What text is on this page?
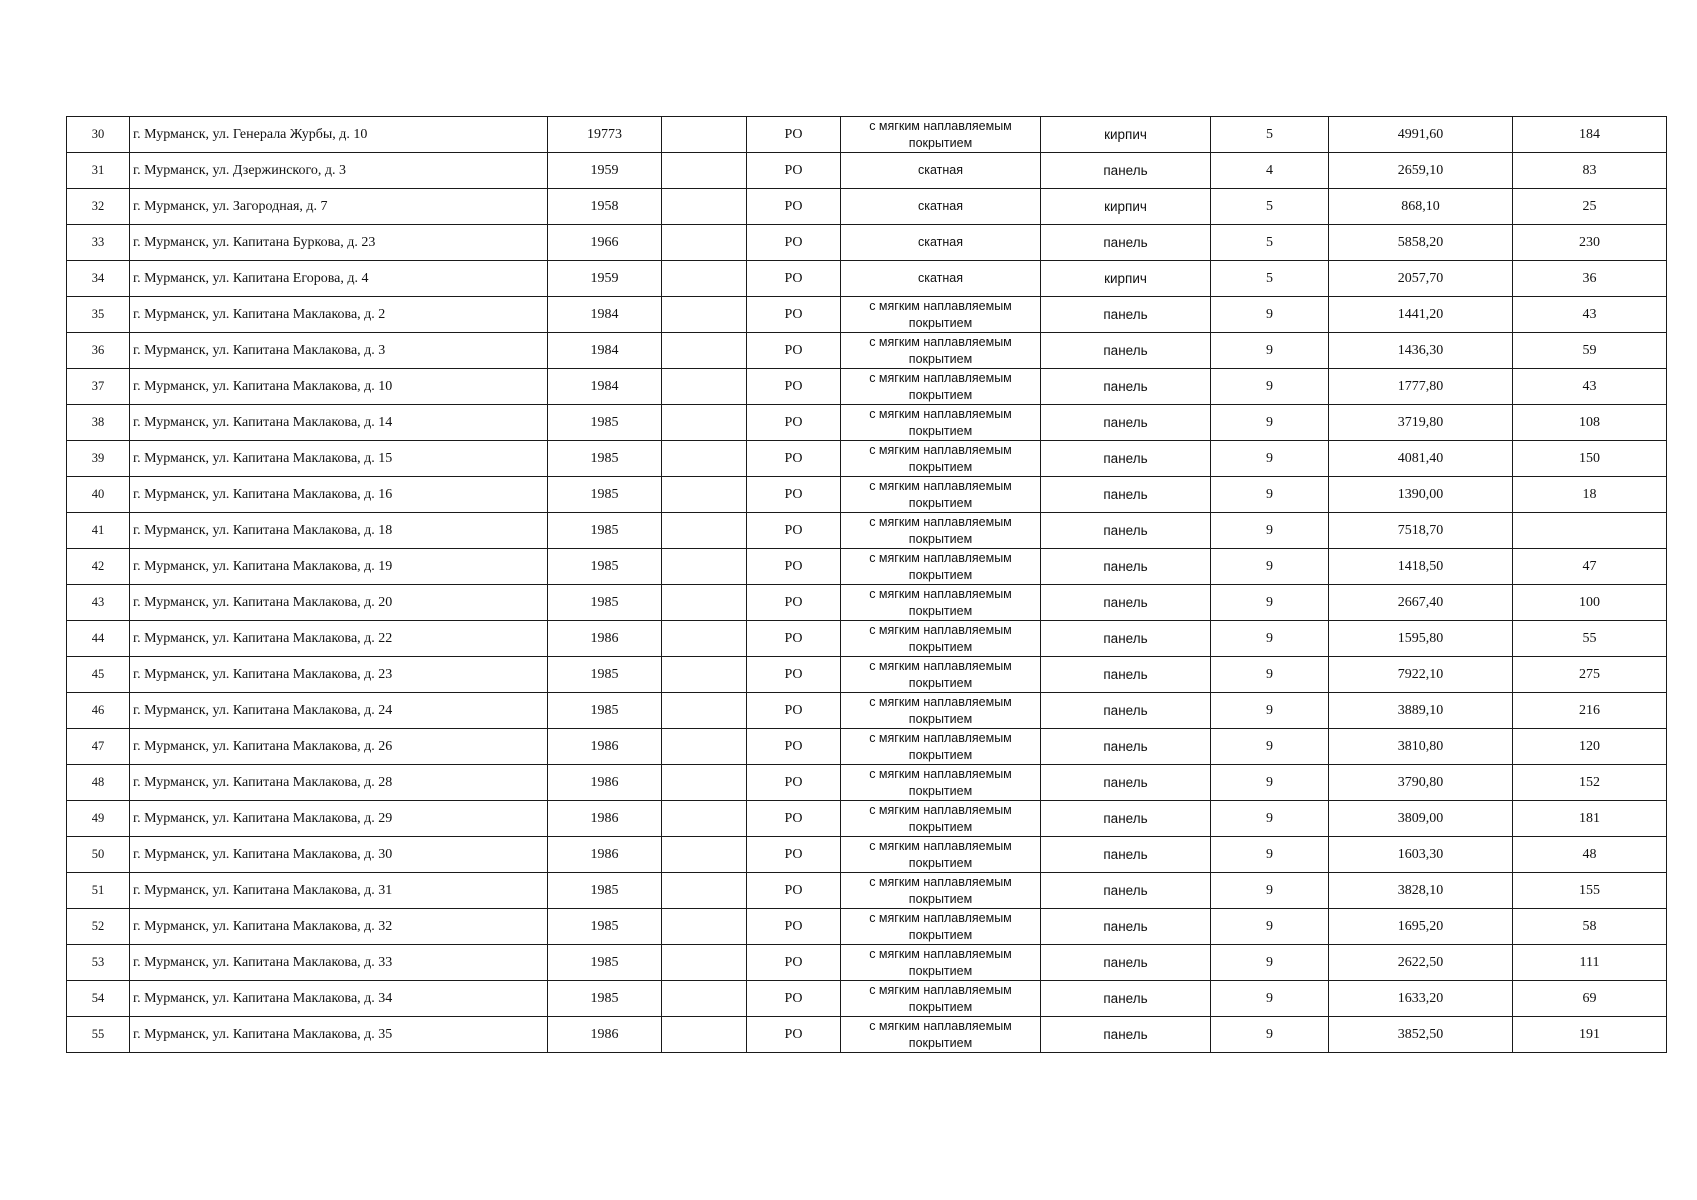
30	г. Мурманск, ул. Генерала Журбы, д. 10	19773		РО	с мягким наплавляемым покрытием	кирпич	5	4991,60	184
31	г. Мурманск, ул. Дзержинского, д. 3	1959		РО	скатная	панель	4	2659,10	83
32	г. Мурманск, ул. Загородная, д. 7	1958		РО	скатная	кирпич	5	868,10	25
33	г. Мурманск, ул. Капитана Буркова, д. 23	1966		РО	скатная	панель	5	5858,20	230
34	г. Мурманск, ул. Капитана Егорова, д. 4	1959		РО	скатная	кирпич	5	2057,70	36
35	г. Мурманск, ул. Капитана Маклакова, д. 2	1984		РО	с мягким наплавляемым покрытием	панель	9	1441,20	43
36	г. Мурманск, ул. Капитана Маклакова, д. 3	1984		РО	с мягким наплавляемым покрытием	панель	9	1436,30	59
37	г. Мурманск, ул. Капитана Маклакова, д. 10	1984		РО	с мягким наплавляемым покрытием	панель	9	1777,80	43
38	г. Мурманск, ул. Капитана Маклакова, д. 14	1985		РО	с мягким наплавляемым покрытием	панель	9	3719,80	108
39	г. Мурманск, ул. Капитана Маклакова, д. 15	1985		РО	с мягким наплавляемым покрытием	панель	9	4081,40	150
40	г. Мурманск, ул. Капитана Маклакова, д. 16	1985		РО	с мягким наплавляемым покрытием	панель	9	1390,00	18
41	г. Мурманск, ул. Капитана Маклакова, д. 18	1985		РО	с мягким наплавляемым покрытием	панель	9	7518,70	
42	г. Мурманск, ул. Капитана Маклакова, д. 19	1985		РО	с мягким наплавляемым покрытием	панель	9	1418,50	47
43	г. Мурманск, ул. Капитана Маклакова, д. 20	1985		РО	с мягким наплавляемым покрытием	панель	9	2667,40	100
44	г. Мурманск, ул. Капитана Маклакова, д. 22	1986		РО	с мягким наплавляемым покрытием	панель	9	1595,80	55
45	г. Мурманск, ул. Капитана Маклакова, д. 23	1985		РО	с мягким наплавляемым покрытием	панель	9	7922,10	275
46	г. Мурманск, ул. Капитана Маклакова, д. 24	1985		РО	с мягким наплавляемым покрытием	панель	9	3889,10	216
47	г. Мурманск, ул. Капитана Маклакова, д. 26	1986		РО	с мягким наплавляемым покрытием	панель	9	3810,80	120
48	г. Мурманск, ул. Капитана Маклакова, д. 28	1986		РО	с мягким наплавляемым покрытием	панель	9	3790,80	152
49	г. Мурманск, ул. Капитана Маклакова, д. 29	1986		РО	с мягким наплавляемым покрытием	панель	9	3809,00	181
50	г. Мурманск, ул. Капитана Маклакова, д. 30	1986		РО	с мягким наплавляемым покрытием	панель	9	1603,30	48
51	г. Мурманск, ул. Капитана Маклакова, д. 31	1985		РО	с мягким наплавляемым покрытием	панель	9	3828,10	155
52	г. Мурманск, ул. Капитана Маклакова, д. 32	1985		РО	с мягким наплавляемым покрытием	панель	9	1695,20	58
53	г. Мурманск, ул. Капитана Маклакова, д. 33	1985		РО	с мягким наплавляемым покрытием	панель	9	2622,50	111
54	г. Мурманск, ул. Капитана Маклакова, д. 34	1985		РО	с мягким наплавляемым покрытием	панель	9	1633,20	69
55	г. Мурманск, ул. Капитана Маклакова, д. 35	1986		РО	с мягким наплавляемым покрытием	панель	9	3852,50	191
